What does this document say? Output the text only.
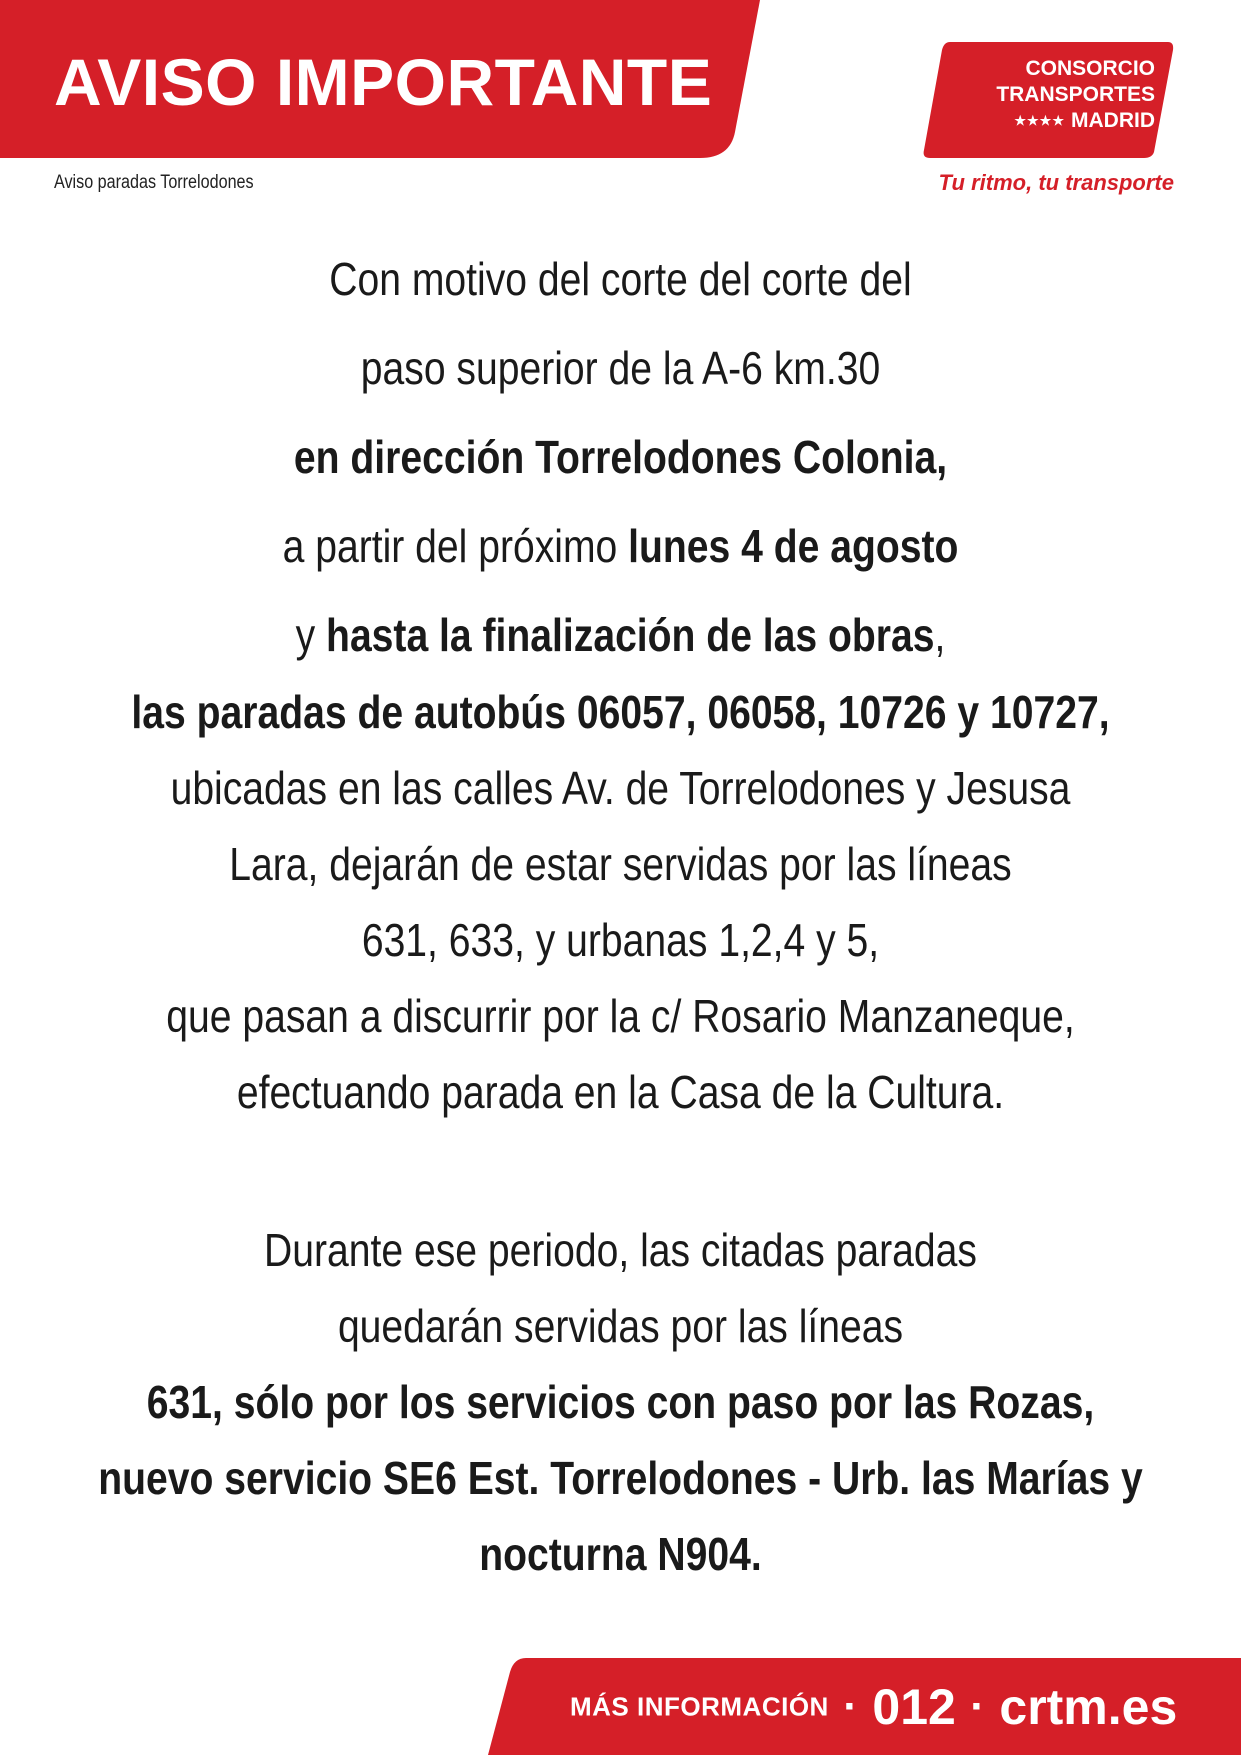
AVISO IMPORTANTE
Aviso paradas Torrelodones
CONSORCIO
TRANSPORTES
★★★★ MADRID
Tu ritmo, tu transporte
Con motivo del corte del corte del
paso superior de la A-6 km.30
en dirección Torrelodones Colonia,
a partir del próximo lunes 4 de agosto
y hasta la finalización de las obras,
las paradas de autobús 06057, 06058, 10726 y 10727,
ubicadas en las calles Av. de Torrelodones y Jesusa
Lara, dejarán de estar servidas por las líneas
631, 633, y urbanas 1,2,4 y 5,
que pasan a discurrir por la c/ Rosario Manzaneque,
efectuando parada en la Casa de la Cultura.
Durante ese periodo, las citadas paradas
quedarán servidas por las líneas
631, sólo por los servicios con paso por las Rozas,
nuevo servicio SE6 Est. Torrelodones - Urb. las Marías y
nocturna N904.
MÁS INFORMACIÓN · 012 · crtm.es
